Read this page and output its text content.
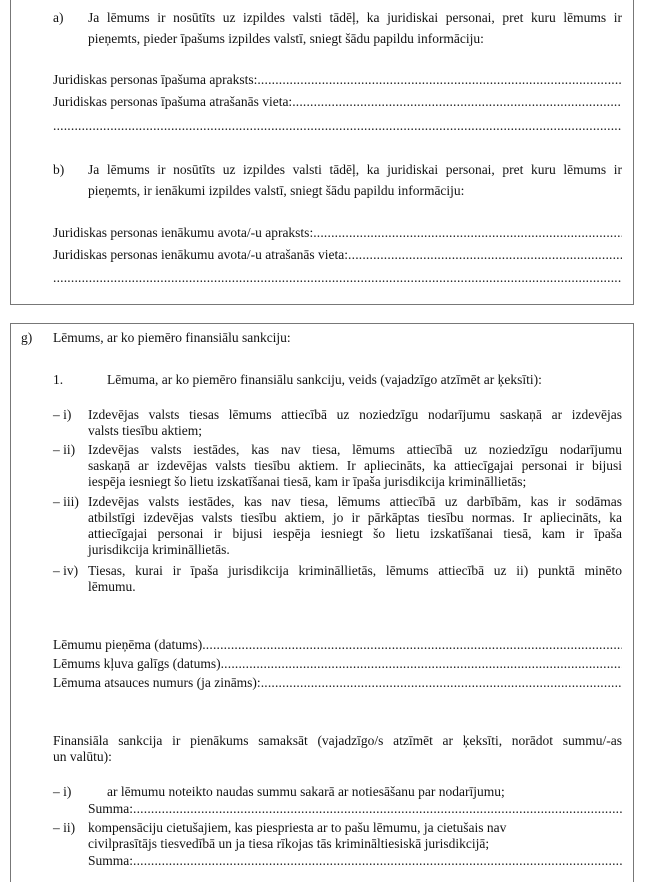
a) Ja lēmums ir nosūtīts uz izpildes valsti tādēļ, ka juridiskai personai, pret kuru lēmums ir
pieņemts, pieder īpašums izpildes valstī, sniegt šādu papildu informāciju:
Juridiskas personas īpašuma apraksts:
.....
Juridiskas personas īpašuma atrašanās vieta:
.....
.....
b) Ja lēmums ir nosūtīts uz izpildes valsti tādēļ, ka juridiskai personai, pret kuru lēmums ir
pieņemts, ir ienākumi izpildes valstī, sniegt šādu papildu informāciju:
Juridiskas personas ienākumu avota/-u apraksts:
.....
Juridiskas personas ienākumu avota/-u atrašanās vieta:
.....
.....
g) Lēmums, ar ko piemēro finansiālu sankciju:
1.	Lēmuma, ar ko piemēro finansiālu sankciju, veids (vajadzīgo atzīmēt ar ķeksīti):
– i) Izdevējas valsts tiesas lēmums attiecībā uz noziedzīgu nodarījumu saskaņā ar izdevējas
valsts tiesību aktiem;
– ii) Izdevējas valsts iestādes, kas nav tiesa, lēmums attiecībā uz noziedzīgu nodarījumu
saskaņā ar izdevējas valsts tiesību aktiem. Ir apliecināts, ka attiecīgajai personai ir bijusi
iespēja iesniegt šo lietu izskatīšanai tiesā, kam ir īpaša jurisdikcija krimināllietās;
– iii) Izdevējas valsts iestādes, kas nav tiesa, lēmums attiecībā uz darbībām, kas ir sodāmas
atbilstīgi izdevējas valsts tiesību aktiem, jo ir pārkāptas tiesību normas. Ir apliecināts, ka
attiecīgajai personai ir bijusi iespēja iesniegt šo lietu izskatīšanai tiesā, kam ir īpaša
jurisdikcija krimināllietās.
– iv) Tiesas, kurai ir īpaša jurisdikcija krimināllietās, lēmums attiecībā uz ii) punktā minēto
lēmumu.
Lēmumu pieņēma (datums)
.....
Lēmums kļuva galīgs (datums)
.....
Lēmuma atsauces numurs (ja zināms):
.....
Finansiāla sankcija ir pienākums samaksāt (vajadzīgo/s atzīmēt ar ķeksīti, norādot summu/-as
un valūtu):
– i)	ar lēmumu noteikto naudas summu sakarā ar notiesāšanu par nodarījumu;
Summa:
.....
– ii) kompensāciju cietušajiem, kas piespriesta ar to pašu lēmumu, ja cietušais nav
civilprasītājs tiesvedībā un ja tiesa rīkojas tās krimināltiesiskā jurisdikcijā;
Summa:
.....
